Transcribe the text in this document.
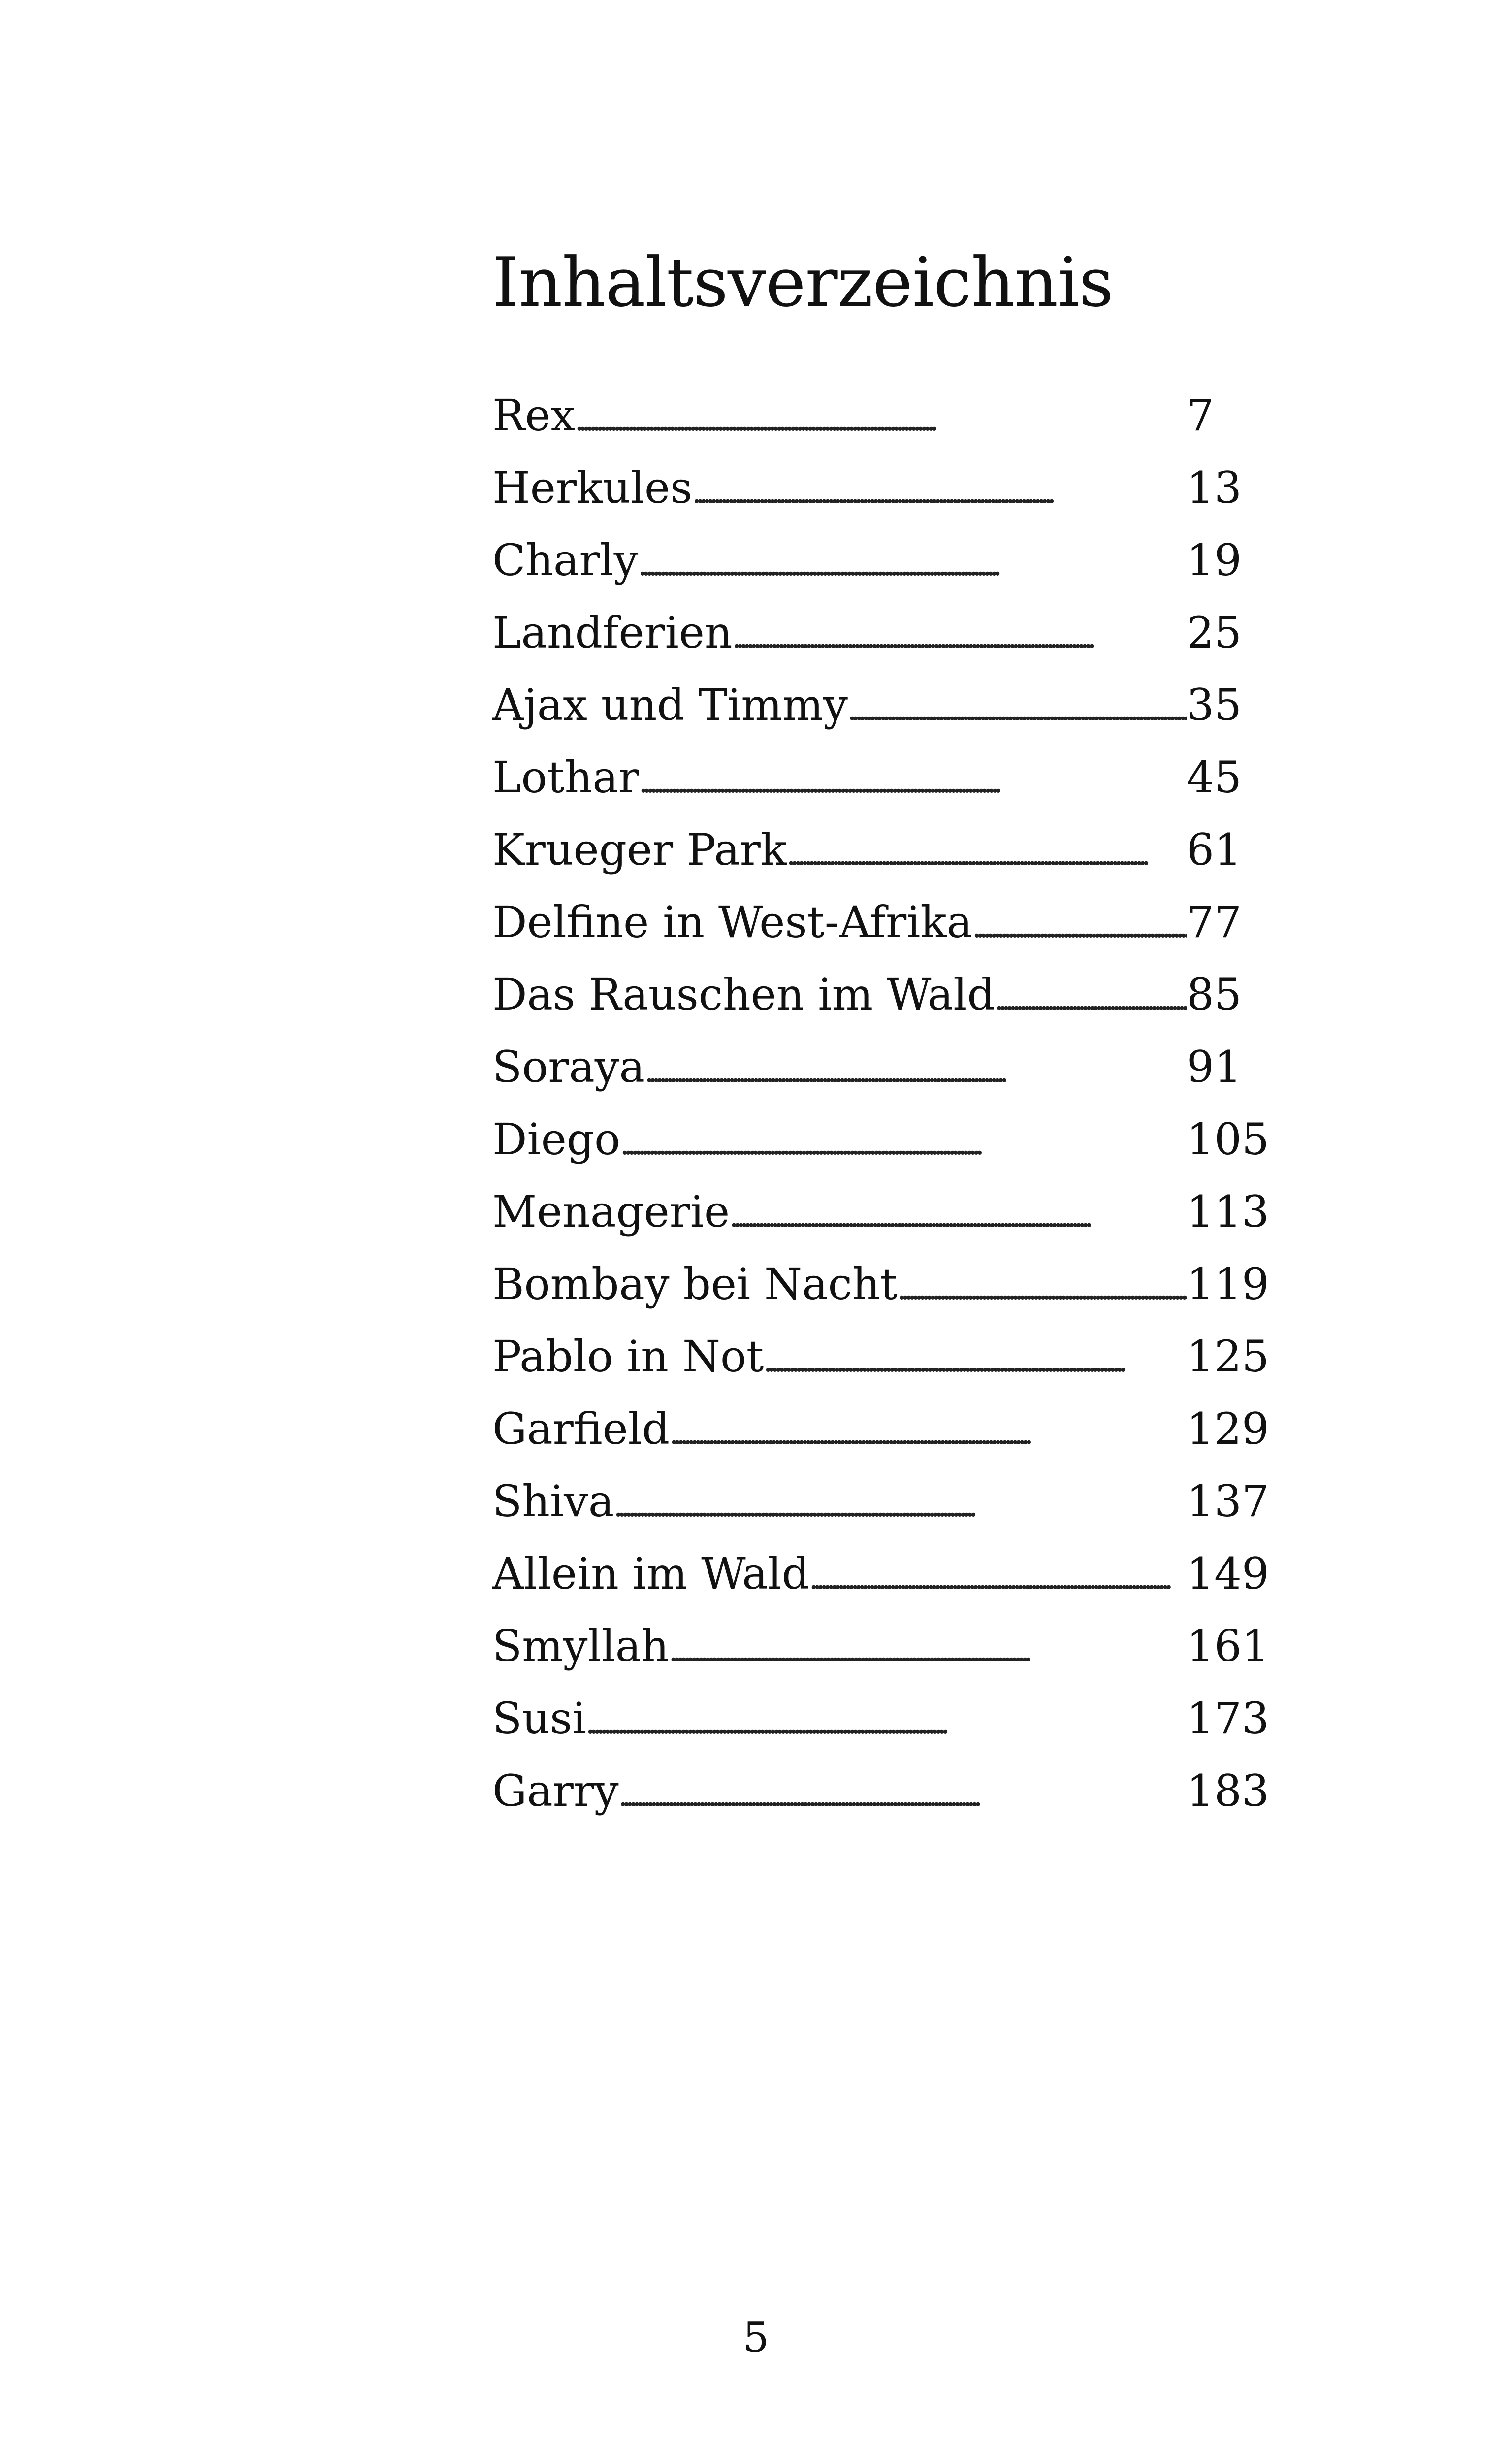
Inhaltsverzeichnis
Rex . . .	7
Herkules . . .	13
Charly . . .	19
Landferien . . .	25
Ajax und Timmy . . .	35
Lothar . . .	45
Krueger Park . . .	61
Delfine in West-Afrika . . .	77
Das Rauschen im Wald . . .	85
Soraya . . .	91
Diego . . .	105
Menagerie . . .	113
Bombay bei Nacht . . .	119
Pablo in Not . . .	125
Garfield . . .	129
Shiva . . .	137
Allein im Wald . . .	149
Smyllah . . .	161
Susi . . .	173
Garry . . .	183
5
